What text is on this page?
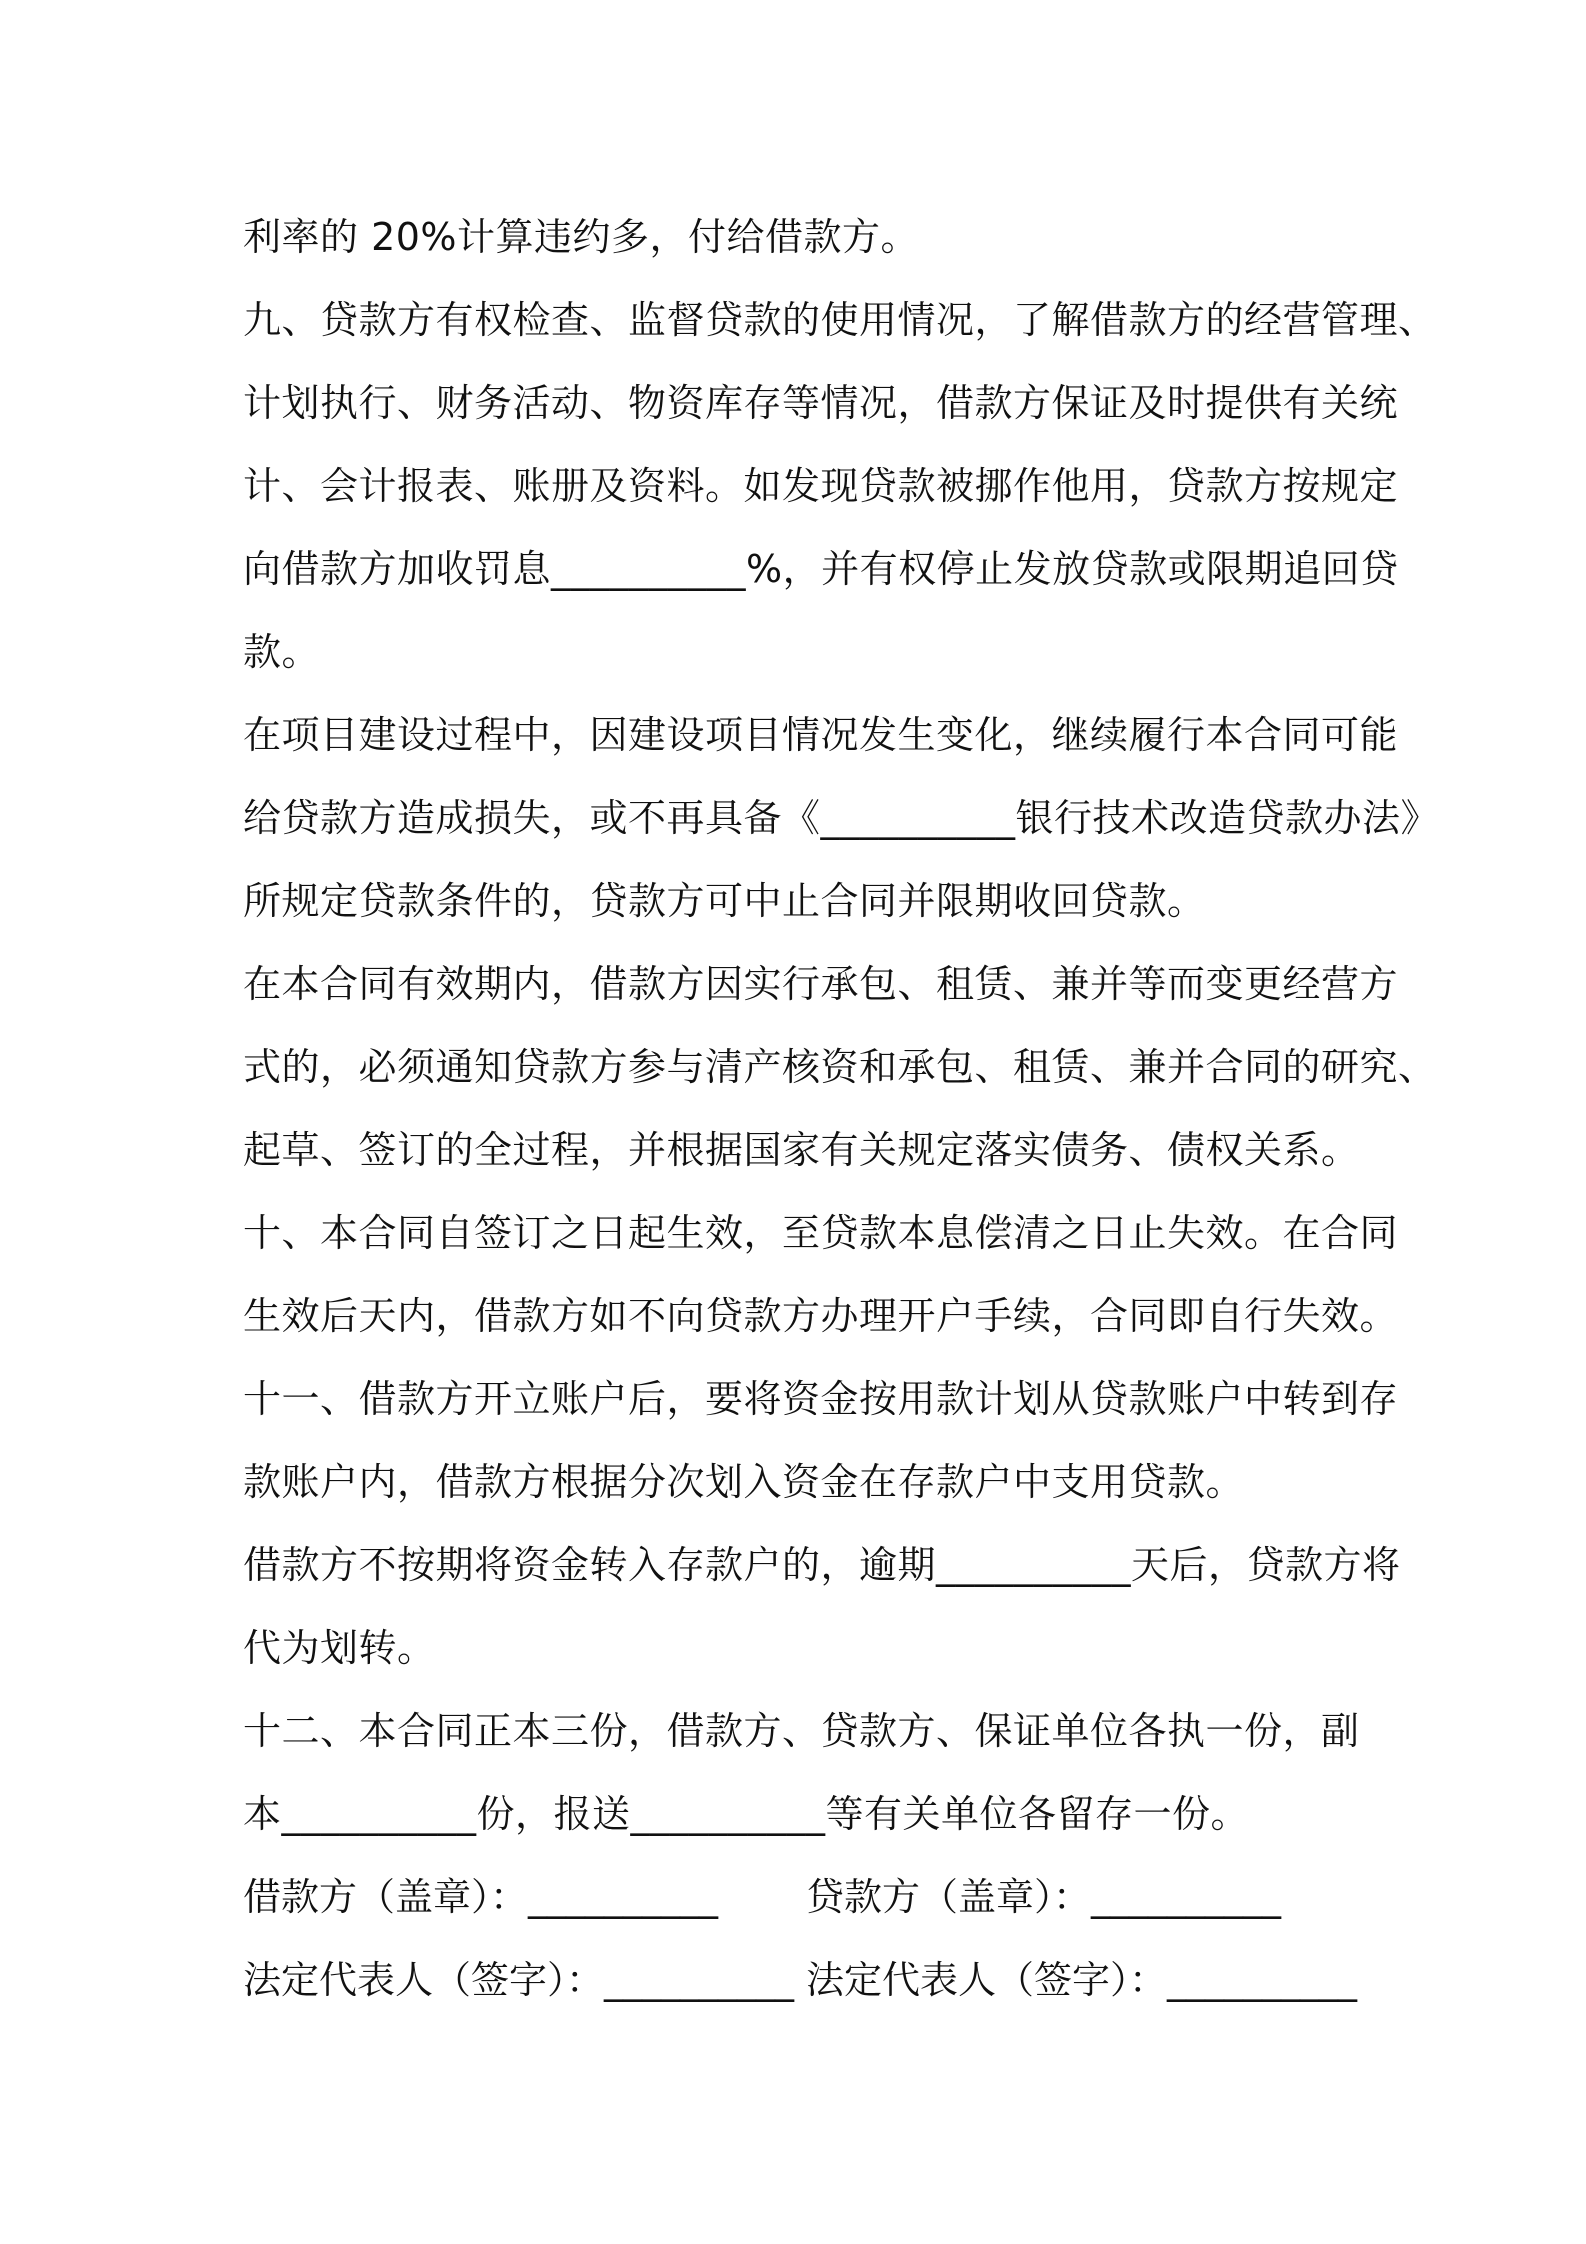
利率的 20%计算违约多，付给借款方。
九、贷款方有权检查、监督贷款的使用情况，了解借款方的经营管理、
计划执行、财务活动、物资库存等情况，借款方保证及时提供有关统
计、会计报表、账册及资料。如发现贷款被挪作他用，贷款方按规定
向借款方加收罚息__________%，并有权停止发放贷款或限期追回贷
款。
在项目建设过程中，因建设项目情况发生变化，继续履行本合同可能
给贷款方造成损失，或不再具备《__________银行技术改造贷款办法》
所规定贷款条件的，贷款方可中止合同并限期收回贷款。
在本合同有效期内，借款方因实行承包、租赁、兼并等而变更经营方
式的，必须通知贷款方参与清产核资和承包、租赁、兼并合同的研究、
起草、签订的全过程，并根据国家有关规定落实债务、债权关系。
十、本合同自签订之日起生效，至贷款本息偿清之日止失效。在合同
生效后天内，借款方如不向贷款方办理开户手续，合同即自行失效。
十一、借款方开立账户后，要将资金按用款计划从贷款账户中转到存
款账户内，借款方根据分次划入资金在存款户中支用贷款。
借款方不按期将资金转入存款户的，逾期__________天后，贷款方将
代为划转。
十二、本合同正本三份，借款方、贷款方、保证单位各执一份，副
本__________份，报送__________等有关单位各留存一份。
借款方（盖章）：__________ 贷款方（盖章）：__________
法定代表人（签字）：__________ 法定代表人（签字）：__________
